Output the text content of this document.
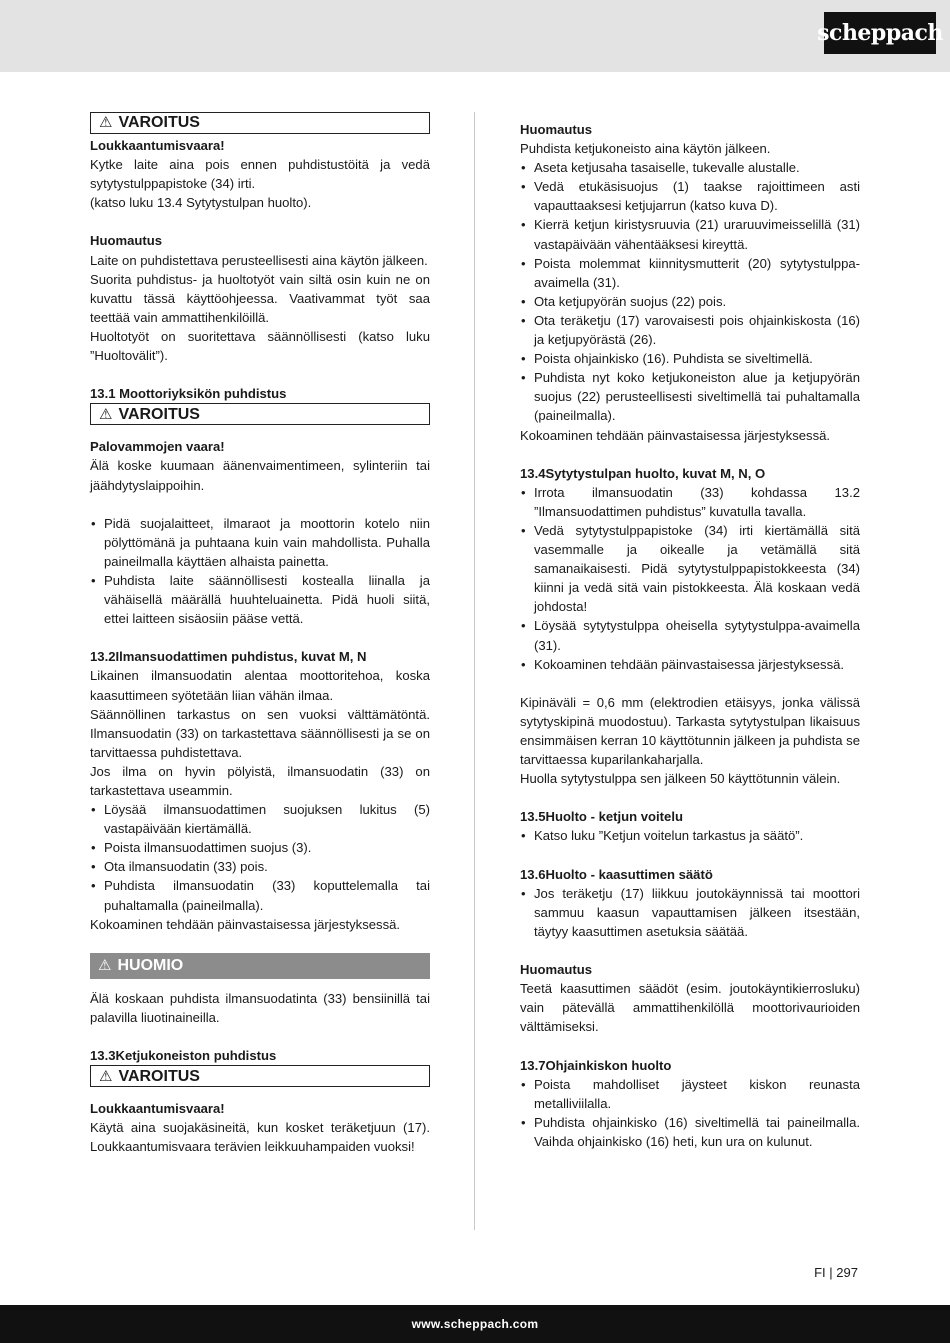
scheppach
⚠ VAROITUS

Loukkaantumisvaara!

Kytke laite aina pois ennen puhdistustöitä ja vedä sytytystulppapistoke (34) irti.

(katso luku 13.4 Sytytystulpan huolto).

Huomautus

Laite on puhdistettava perusteellisesti aina käytön jälkeen.

Suorita puhdistus- ja huoltotyöt vain siltä osin kuin ne on kuvattu tässä käyttöohjeessa. Vaativammat työt saa teettää vain ammattihenkilöillä.

Huoltotyöt on suoritettava säännöllisesti (katso luku ”Huoltovälit”).

13.1 Moottoriyksikön puhdistus

⚠ VAROITUS

Palovammojen vaara!

Älä koske kuumaan äänenvaimentimeen, sylinteriin tai jäähdytyslaippoihin.

• Pidä suojalaitteet, ilmaraot ja moottorin kotelo niin pölyttömänä ja puhtaana kuin vain mahdollista. Puhalla paineilmalla käyttäen alhaista painetta.
• Puhdista laite säännöllisesti kostealla liinalla ja vähäisellä määrällä huuhteluainetta. Pidä huoli siitä, ettei laitteen sisäosiin pääse vettä.

13.2Ilmansuodattimen puhdistus, kuvat M, N

Likainen ilmansuodatin alentaa moottoritehoa, koska kaasuttimeen syötetään liian vähän ilmaa.

Säännöllinen tarkastus on sen vuoksi välttämätöntä. Ilmansuodatin (33) on tarkastettava säännöllisesti ja se on tarvittaessa puhdistettava.

Jos ilma on hyvin pölyistä, ilmansuodatin (33) on tarkastettava useammin.

• Löysää ilmansuodattimen suojuksen lukitus (5) vastapäivään kiertämällä.
• Poista ilmansuodattimen suojus (3).
• Ota ilmansuodatin (33) pois.
• Puhdista ilmansuodatin (33) koputtelemalla tai puhaltamalla (paineilmalla).

Kokoaminen tehdään päinvastaisessa järjestyksessä.

⚠ HUOMIO

Älä koskaan puhdista ilmansuodatinta (33) bensiinillä tai palavilla liuotinaineilla.

13.3Ketjukoneiston puhdistus

⚠ VAROITUS

Loukkaantumisvaara!

Käytä aina suojakäsineitä, kun kosket teräketjuun (17). Loukkaantumisvaara terävien leikkuuhampaiden vuoksi!

Huomautus

Puhdista ketjukoneisto aina käytön jälkeen.

• Aseta ketjusaha tasaiselle, tukevalle alustalle.
• Vedä etukäsisuojus (1) taakse rajoittimeen asti vapauttaaksesi ketjujarrun (katso kuva D).
• Kierrä ketjun kiristysruuvia (21) uraruuvimeisselillä (31) vastapäivään vähentääksesi kireyttä.
• Poista molemmat kiinnitysmutterit (20) sytytystulppa-avaimella (31).
• Ota ketjupyörän suojus (22) pois.
• Ota teräketju (17) varovaisesti pois ohjainkiskosta (16) ja ketjupyörästä (26).
• Poista ohjainkisko (16). Puhdista se siveltimellä.
• Puhdista nyt koko ketjukoneiston alue ja ketjupyörän suojus (22) perusteellisesti siveltimellä tai puhaltamalla (paineilmalla).

Kokoaminen tehdään päinvastaisessa järjestyksessä.

13.4Sytytystulpan huolto, kuvat M, N, O

• Irrota ilmansuodatin (33) kohdassa 13.2 ”Ilmansuodattimen puhdistus” kuvatulla tavalla.
• Vedä sytytystulppapistoke (34) irti kiertämällä sitä vasemmalle ja oikealle ja vetämällä sitä samanaikaisesti. Pidä sytytystulppapistokkeesta (34) kiinni ja vedä sitä vain pistokkeesta. Älä koskaan vedä johdosta!
• Löysää sytytystulppa oheisella sytytystulppa-avaimella (31).
• Kokoaminen tehdään päinvastaisessa järjestyksessä.

Kipinäväli = 0,6 mm (elektrodien etäisyys, jonka välissä sytytyskipinä muodostuu). Tarkasta sytytystulpan likaisuus ensimmäisen kerran 10 käyttötunnin jälkeen ja puhdista se tarvittaessa kuparilankaharjalla.

Huolla sytytystulppa sen jälkeen 50 käyttötunnin välein.

13.5Huolto - ketjun voitelu

• Katso luku ”Ketjun voitelun tarkastus ja säätö”.

13.6Huolto - kaasuttimen säätö

• Jos teräketju (17) liikkuu joutokäynnissä tai moottori sammuu kaasun vapauttamisen jälkeen itsestään, täytyy kaasuttimen asetuksia säätää.

Huomautus

Teetä kaasuttimen säädöt (esim. joutokäyntikierrosluku) vain pätevällä ammattihenkilöllä moottorivaurioiden välttämiseksi.

13.7Ohjainkiskon huolto

• Poista mahdolliset jäysteet kiskon reunasta metalliviilalla.
• Puhdista ohjainkisko (16) siveltimellä tai paineilmalla. Vaihda ohjainkisko (16) heti, kun ura on kulunut.
FI | 297
www.scheppach.com
